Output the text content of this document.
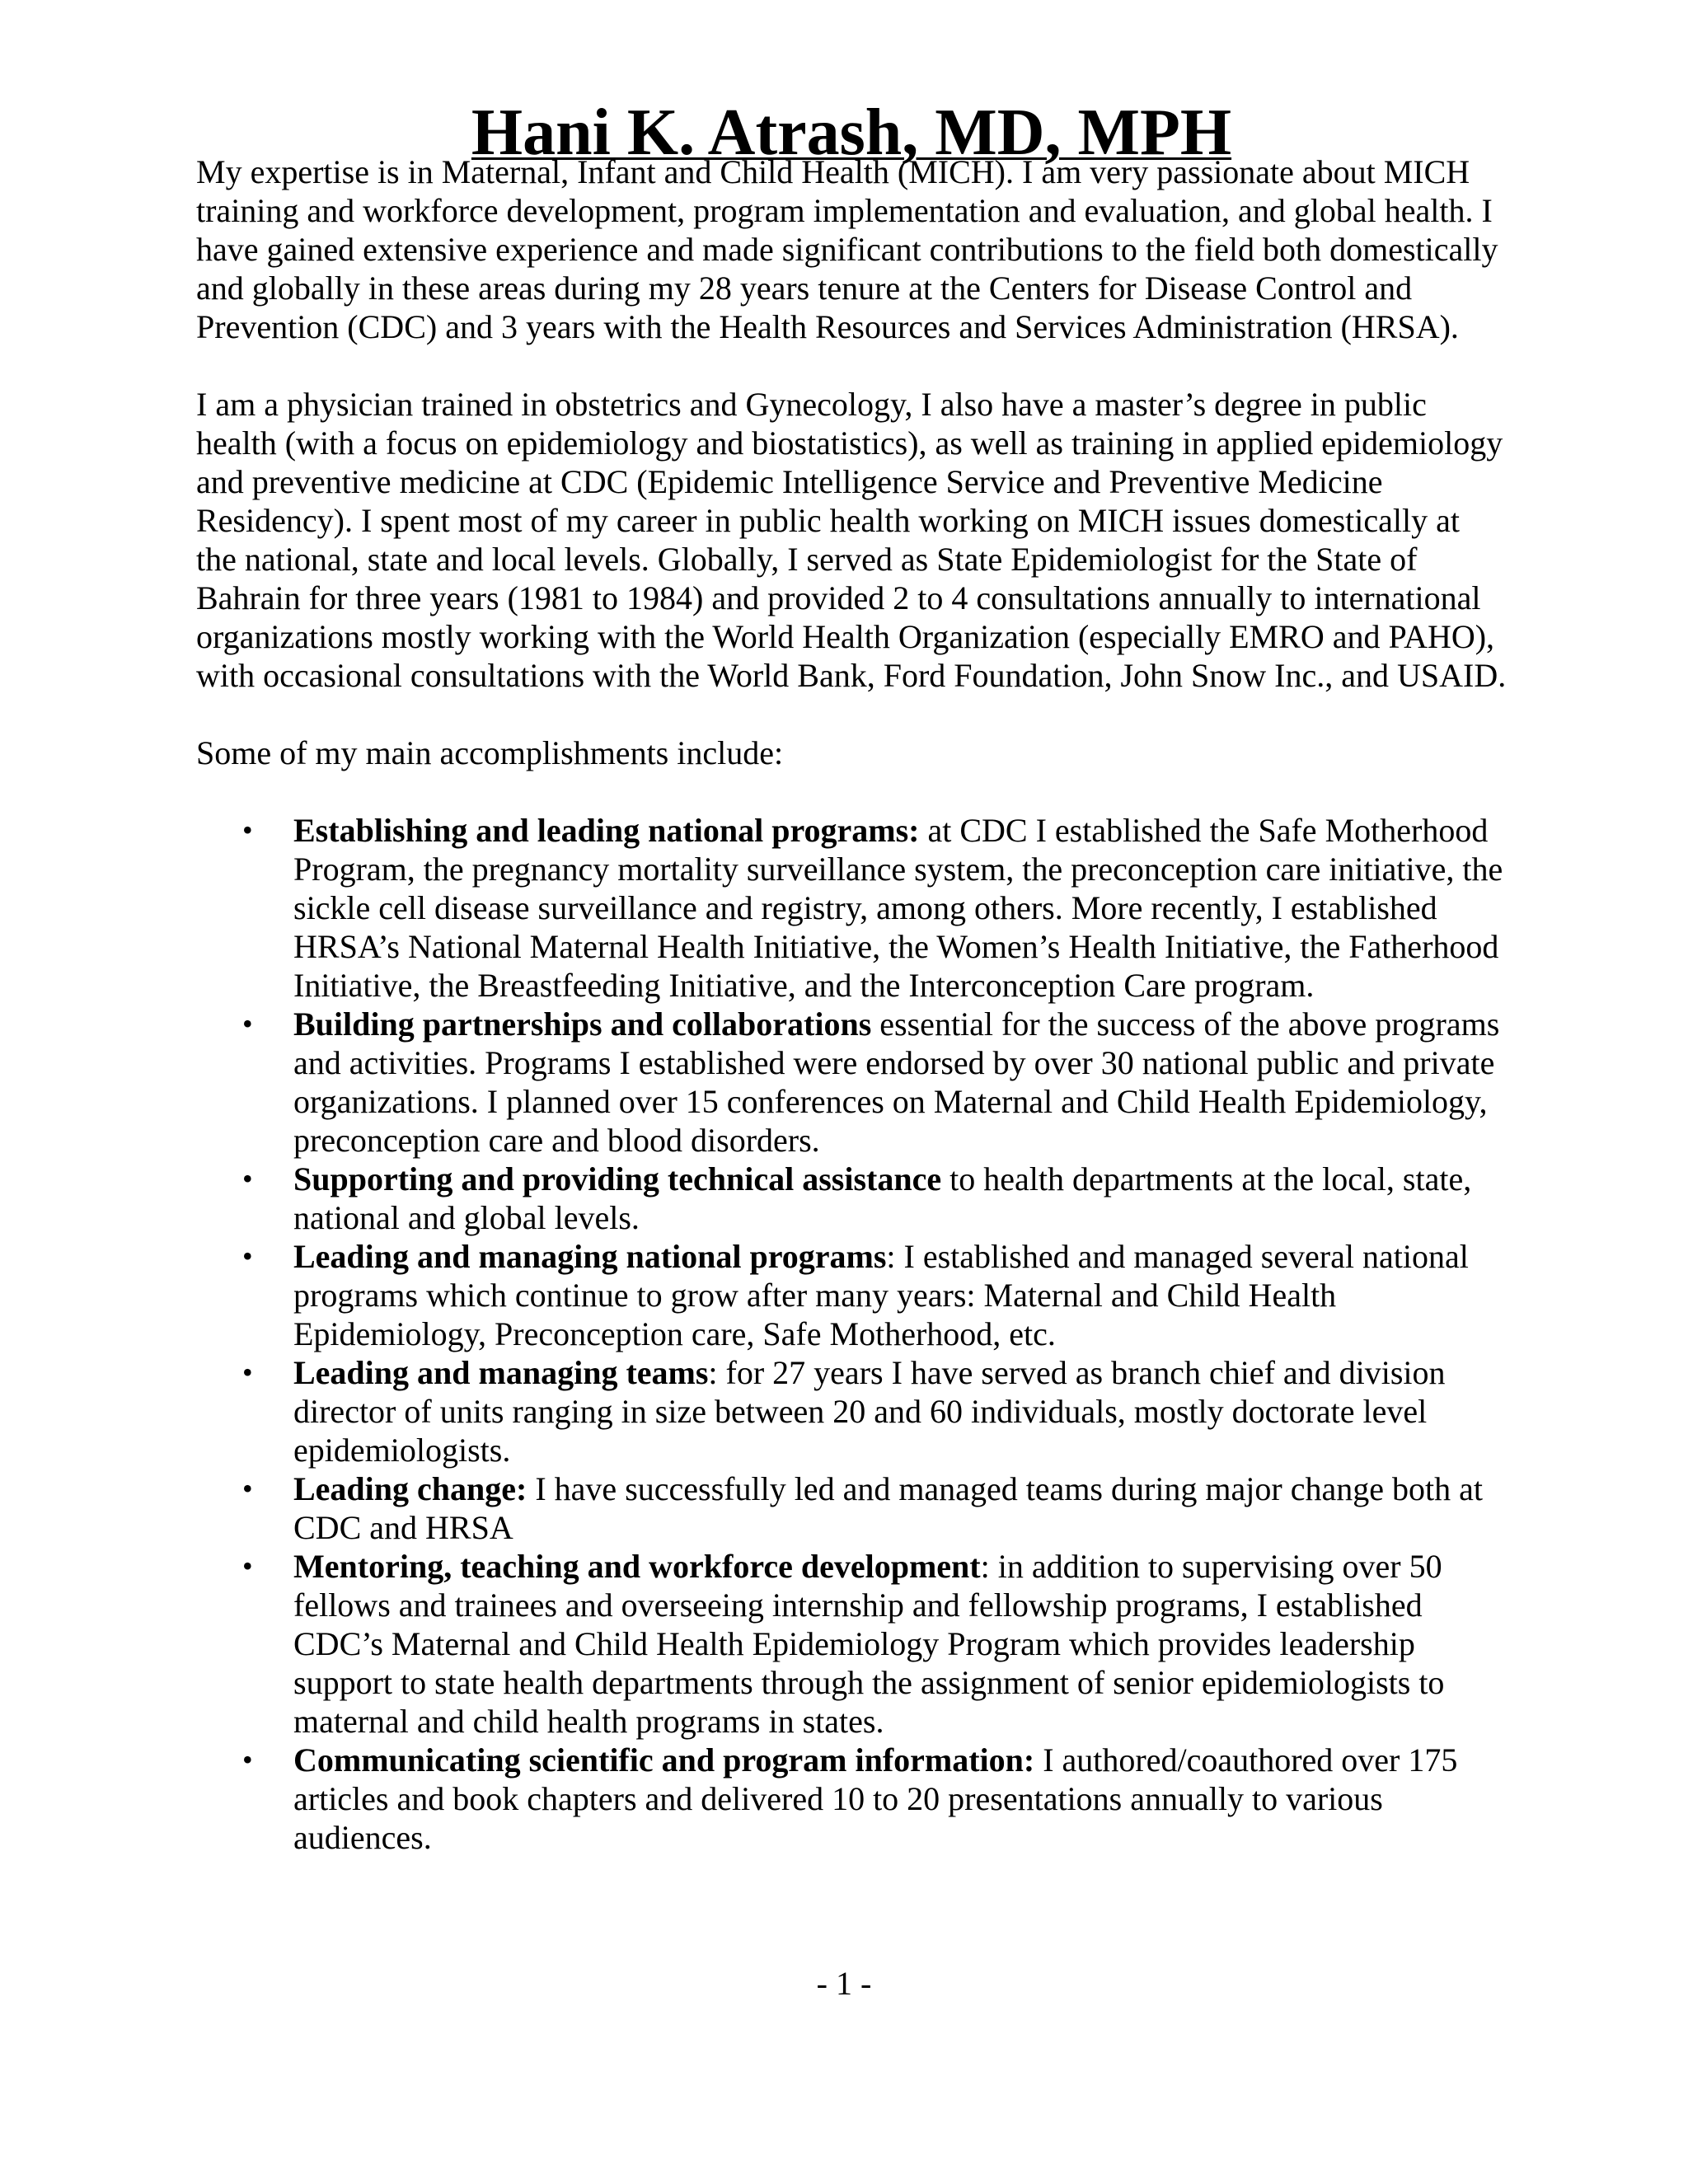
Hani K. Atrash, MD, MPH

My expertise is in Maternal, Infant and Child Health (MICH). I am very passionate about MICH training and workforce development, program implementation and evaluation, and global health. I have gained extensive experience and made significant contributions to the field both domestically and globally in these areas during my 28 years tenure at the Centers for Disease Control and Prevention (CDC) and 3 years with the Health Resources and Services Administration (HRSA).

I am a physician trained in obstetrics and Gynecology, I also have a master’s degree in public health (with a focus on epidemiology and biostatistics), as well as training in applied epidemiology and preventive medicine at CDC (Epidemic Intelligence Service and Preventive Medicine Residency). I spent most of my career in public health working on MICH issues domestically at the national, state and local levels. Globally, I served as State Epidemiologist for the State of Bahrain for three years (1981 to 1984) and provided 2 to 4 consultations annually to international organizations mostly working with the World Health Organization (especially EMRO and PAHO), with occasional consultations with the World Bank, Ford Foundation, John Snow Inc., and USAID.

Some of my main accomplishments include:

• Establishing and leading national programs: at CDC I established the Safe Motherhood Program, the pregnancy mortality surveillance system, the preconception care initiative, the sickle cell disease surveillance and registry, among others. More recently, I established HRSA’s National Maternal Health Initiative, the Women’s Health Initiative, the Fatherhood Initiative, the Breastfeeding Initiative, and the Interconception Care program.
• Building partnerships and collaborations essential for the success of the above programs and activities. Programs I established were endorsed by over 30 national public and private organizations. I planned over 15 conferences on Maternal and Child Health Epidemiology, preconception care and blood disorders.
• Supporting and providing technical assistance to health departments at the local, state, national and global levels.
• Leading and managing national programs: I established and managed several national programs which continue to grow after many years: Maternal and Child Health Epidemiology, Preconception care, Safe Motherhood, etc.
• Leading and managing teams: for 27 years I have served as branch chief and division director of units ranging in size between 20 and 60 individuals, mostly doctorate level epidemiologists.
• Leading change: I have successfully led and managed teams during major change both at CDC and HRSA
• Mentoring, teaching and workforce development: in addition to supervising over 50 fellows and trainees and overseeing internship and fellowship programs, I established CDC’s Maternal and Child Health Epidemiology Program which provides leadership support to state health departments through the assignment of senior epidemiologists to maternal and child health programs in states.
• Communicating scientific and program information: I authored/coauthored over 175 articles and book chapters and delivered 10 to 20 presentations annually to various audiences.
- 1 -
